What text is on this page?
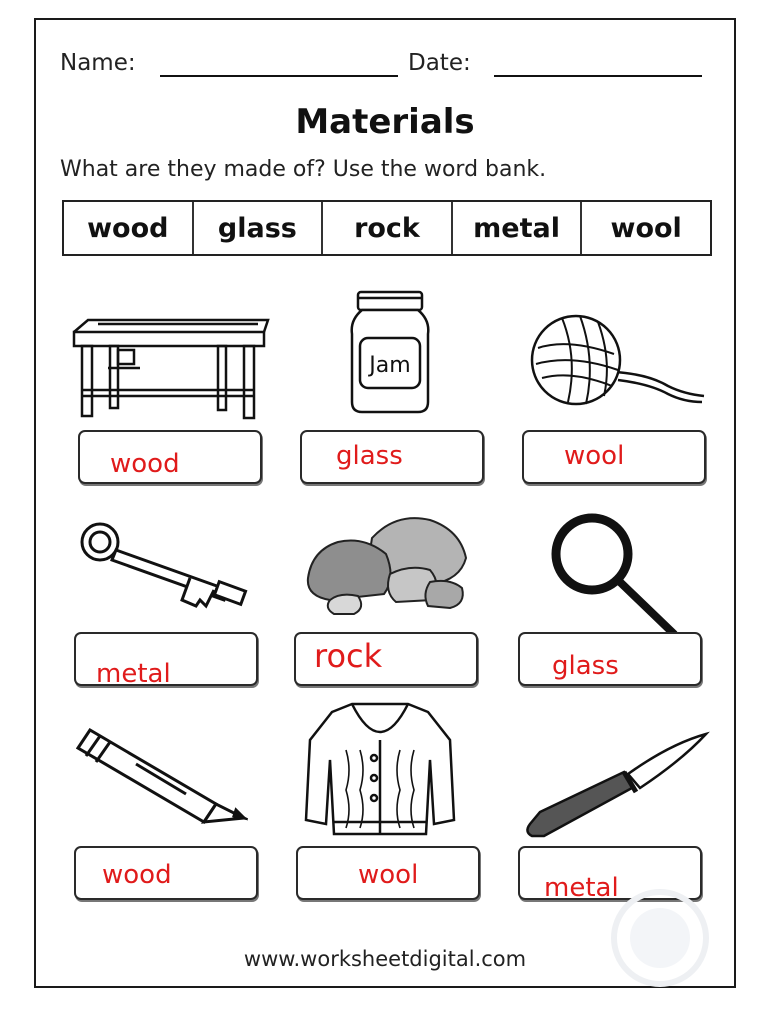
Name:	Date:
Materials
What are they made of? Use the word bank.
wood	glass	rock	metal	wool
Jam
wood	glass	wool
metal	rock	glass
wood	wool	metal
www.worksheetdigital.com
